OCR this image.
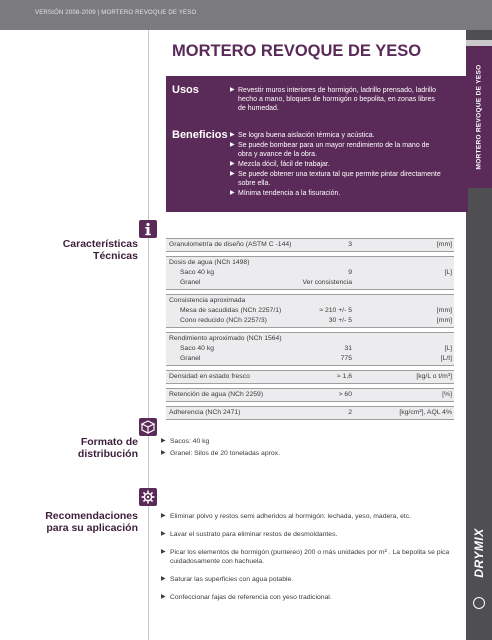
VERSIÓN 2008-2009 | MORTERO REVOQUE DE YESO
MORTERO REVOQUE DE YESO
DRYMIX
MORTERO REVOQUE DE YESO
Usos	▶ Revestir muros interiores de hormigón, ladrillo prensado, ladrillo hecho a mano, bloques de hormigón o bepolita, en zonas libres de humedad.
Beneficios ▶ Se logra buena aislación térmica y acústica.
▶ Se puede bombear para un mayor rendimiento de la mano de obra y avance de la obra.
▶ Mezcla dócil, fácil de trabajar.
▶ Se puede obtener una textura tal que permite pintar directamente sobre ella.
▶ Mínima tendencia a la fisuración.
Características
Técnicas
Granulometría de diseño (ASTM C -144)	3	[mm]
Dosis de agua (NCh 1498)
Saco 40 kg	9	[L]
Granel	Ver consistencia
Consistencia aproximada
Mesa de sacudidas (NCh 2257/1)	≈ 210 +/- 5	[mm]
Cono reducido (NCh 2257/3)	30 +/- 5	[mm]
Rendimiento aproximado (NCh 1564)
Saco 40 kg	31	[L]
Granel	775	[L/t]
Densidad en estado fresco	≈ 1,6	[kg/L o t/m³]
Retención de agua (NCh 2259)	> 60	[%]
Adherencia (NCh 2471)	2	[kg/cm²], AQL 4%
Formato de
distribución
▶ Sacos: 40 kg
▶ Granel: Silos de 20 toneladas aprox.
Recomendaciones
para su aplicación
▶ Eliminar polvo y restos semi adheridos al hormigón: lechada, yeso, madera, etc.
▶ Lavar el sustrato para eliminar restos de desmoldantes.
▶ Picar los elementos de hormigón (puntereo) 200 o más unidades por m² . La bepolita se pica cuidadosamente con hachuela.
▶ Saturar las superficies con agua potable.
▶ Confeccionar fajas de referencia con yeso tradicional.
